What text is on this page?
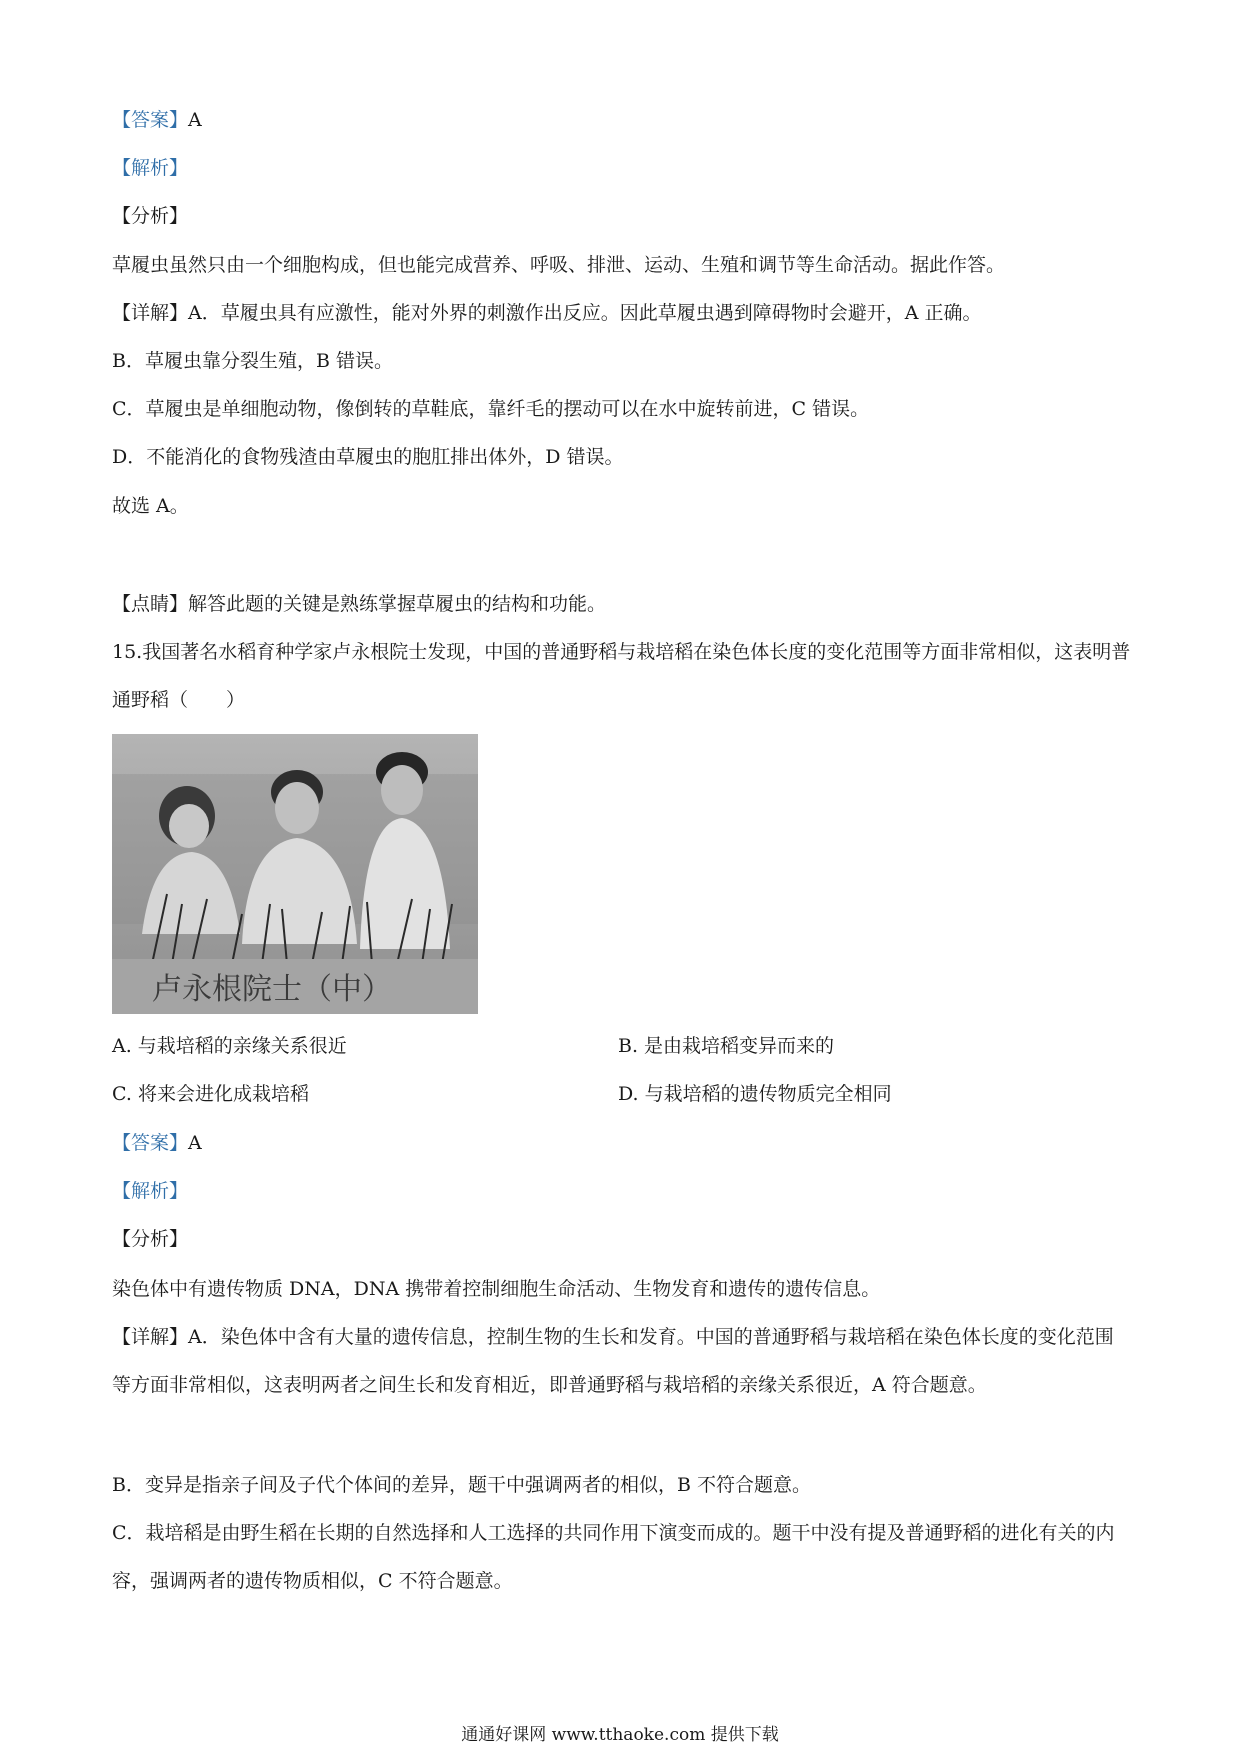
【答案】A
【解析】
【分析】
草履虫虽然只由一个细胞构成，但也能完成营养、呼吸、排泄、运动、生殖和调节等生命活动。据此作答。
【详解】A．草履虫具有应激性，能对外界的刺激作出反应。因此草履虫遇到障碍物时会避开，A 正确。
B．草履虫靠分裂生殖，B 错误。
C．草履虫是单细胞动物，像倒转的草鞋底，靠纤毛的摆动可以在水中旋转前进，C 错误。
D．不能消化的食物残渣由草履虫的胞肛排出体外，D 错误。
故选 A。
【点睛】解答此题的关键是熟练掌握草履虫的结构和功能。
15.我国著名水稻育种学家卢永根院士发现，中国的普通野稻与栽培稻在染色体长度的变化范围等方面非常相似，这表明普通野稻（　　）
卢永根院士（中）
A. 与栽培稻的亲缘关系很近	B. 是由栽培稻变异而来的
C. 将来会进化成栽培稻	D. 与栽培稻的遗传物质完全相同
【答案】A
【解析】
【分析】
染色体中有遗传物质 DNA，DNA 携带着控制细胞生命活动、生物发育和遗传的遗传信息。
【详解】A．染色体中含有大量的遗传信息，控制生物的生长和发育。中国的普通野稻与栽培稻在染色体长度的变化范围等方面非常相似，这表明两者之间生长和发育相近，即普通野稻与栽培稻的亲缘关系很近，A 符合题意。
B．变异是指亲子间及子代个体间的差异，题干中强调两者的相似，B 不符合题意。
C．栽培稻是由野生稻在长期的自然选择和人工选择的共同作用下演变而成的。题干中没有提及普通野稻的进化有关的内容，强调两者的遗传物质相似，C 不符合题意。
通通好课网 www.tthaoke.com 提供下载
